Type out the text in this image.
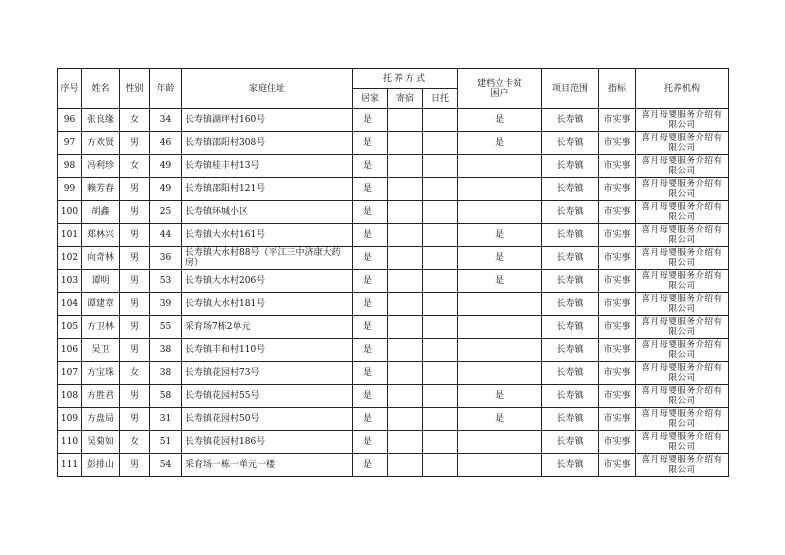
序号	姓名	性别	年龄	家庭住址	托养方式			建档立卡贫困户	项目范围	指标	托养机构
					居家	寄宿	日托				
96	张良缘	女	34	长寿镇湖坪村160号	是			是	长寿镇	市实事	喜月母婴服务介绍有限公司
97	方欢贤	男	46	长寿镇邵阳村308号	是			是	长寿镇	市实事	喜月母婴服务介绍有限公司
98	冯利珍	女	49	长寿镇桂丰村13号	是				长寿镇	市实事	喜月母婴服务介绍有限公司
99	赖芳春	男	49	长寿镇邵阳村121号	是				长寿镇	市实事	喜月母婴服务介绍有限公司
100	胡鑫	男	25	长寿镇环城小区	是				长寿镇	市实事	喜月母婴服务介绍有限公司
101	郑林兴	男	44	长寿镇大水村161号	是			是	长寿镇	市实事	喜月母婴服务介绍有限公司
102	向奇林	男	36	长寿镇大水村88号（平江三中济康大药房）	是			是	长寿镇	市实事	喜月母婴服务介绍有限公司
103	谭明	男	53	长寿镇大水村206号	是			是	长寿镇	市实事	喜月母婴服务介绍有限公司
104	谭建章	男	39	长寿镇大水村181号	是				长寿镇	市实事	喜月母婴服务介绍有限公司
105	方卫林	男	55	采育场7栋2单元	是				长寿镇	市实事	喜月母婴服务介绍有限公司
106	吴卫	男	38	长寿镇丰和村110号	是				长寿镇	市实事	喜月母婴服务介绍有限公司
107	方宝珠	女	38	长寿镇花园村73号	是				长寿镇	市实事	喜月母婴服务介绍有限公司
108	方胜君	男	58	长寿镇花园村55号	是			是	长寿镇	市实事	喜月母婴服务介绍有限公司
109	方盘局	男	31	长寿镇花园村50号	是			是	长寿镇	市实事	喜月母婴服务介绍有限公司
110	吴菊如	女	51	长寿镇花园村186号	是				长寿镇	市实事	喜月母婴服务介绍有限公司
111	彭排山	男	54	采育场一栋一单元一楼	是				长寿镇	市实事	喜月母婴服务介绍有限公司
